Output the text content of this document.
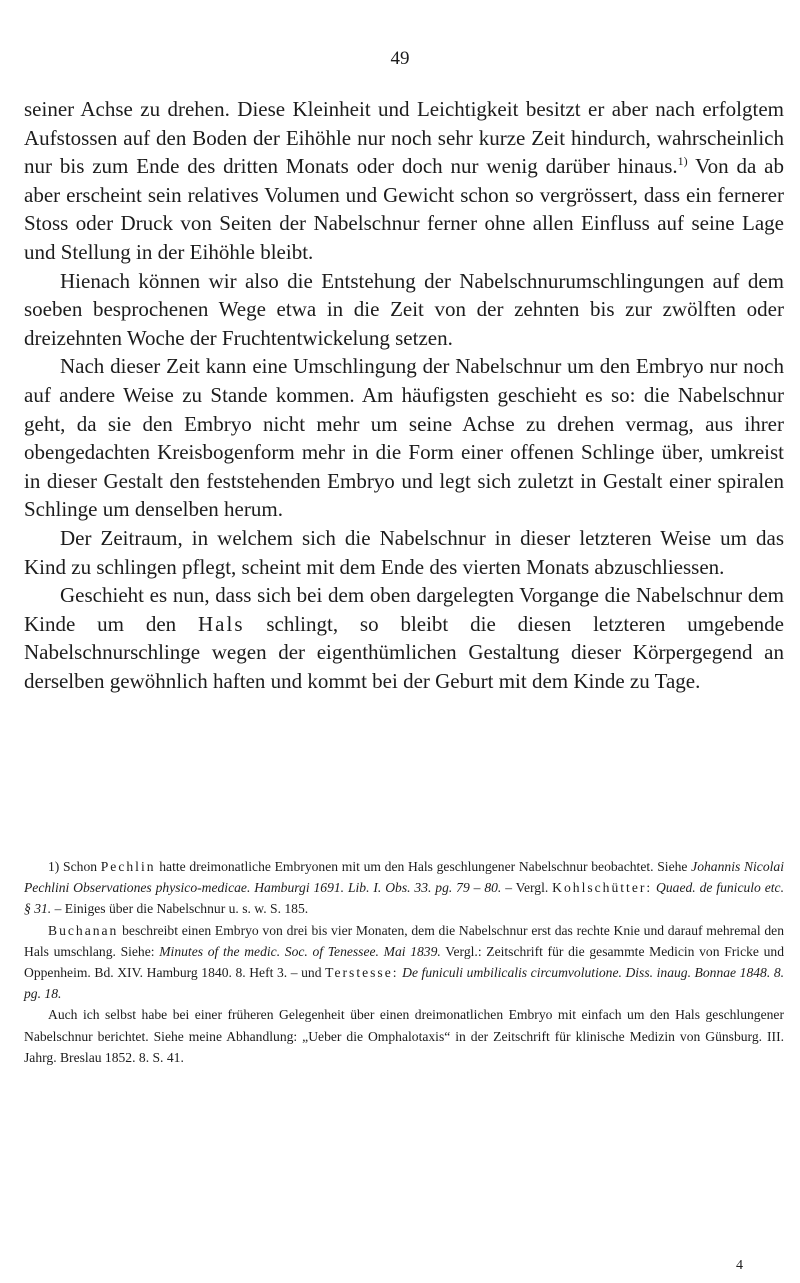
49

seiner Achse zu drehen. Diese Kleinheit und Leichtigkeit besitzt er aber nach erfolgtem Aufstossen auf den Boden der Eihöhle nur noch sehr kurze Zeit hindurch, wahrscheinlich nur bis zum Ende des dritten Monats oder doch nur wenig darüber hinaus.$^{1)}$ Von da ab aber erscheint sein relatives Volumen und Gewicht schon so vergrössert, dass ein fernerer Stoss oder Druck von Seiten der Nabelschnur ferner ohne allen Einfluss auf seine Lage und Stellung in der Eihöhle bleibt.

Hienach können wir also die Entstehung der Nabelschnurumschlingungen auf dem soeben besprochenen Wege etwa in die Zeit von der zehnten bis zur zwölften oder dreizehnten Woche der Fruchtentwickelung setzen.

Nach dieser Zeit kann eine Umschlingung der Nabelschnur um den Embryo nur noch auf andere Weise zu Stande kommen. Am häufigsten geschieht es so: die Nabelschnur geht, da sie den Embryo nicht mehr um seine Achse zu drehen vermag, aus ihrer obengedachten Kreisbogenform mehr in die Form einer offenen Schlinge über, umkreist in dieser Gestalt den feststehenden Embryo und legt sich zuletzt in Gestalt einer spiralen Schlinge um denselben herum.

Der Zeitraum, in welchem sich die Nabelschnur in dieser letzteren Weise um das Kind zu schlingen pflegt, scheint mit dem Ende des vierten Monats abzuschliessen.

Geschieht es nun, dass sich bei dem oben dargelegten Vorgange die Nabelschnur dem Kinde um den Hals schlingt, so bleibt die diesen letzteren umgebende Nabelschnurschlinge wegen der eigenthümlichen Gestaltung dieser Körpergegend an derselben gewöhnlich haften und kommt bei der Geburt mit dem Kinde zu Tage.

1) Schon Pechlin hatte dreimonatliche Embryonen mit um den Hals geschlungener Nabelschnur beobachtet. Siehe Johannis Nicolai Pechlini Observationes physico-medicae. Hamburgi 1691. Lib. I. Obs. 33. pg. 79 – 80. – Vergl. Kohlschütter: Quaed. de funiculo etc. § 31. – Einiges über die Nabelschnur u. s. w. S. 185.

Buchanan beschreibt einen Embryo von drei bis vier Monaten, dem die Nabelschnur erst das rechte Knie und darauf mehremal den Hals umschlang. Siehe: Minutes of the medic. Soc. of Tenessee. Mai 1839. Vergl.: Zeitschrift für die gesammte Medicin von Fricke und Oppenheim. Bd. XIV. Hamburg 1840. 8. Heft 3. – und Terstesse: De funiculi umbilicalis circumvolutione. Diss. inaug. Bonnae 1848. 8. pg. 18.

Auch ich selbst habe bei einer früheren Gelegenheit über einen dreimonatlichen Embryo mit einfach um den Hals geschlungener Nabelschnur berichtet. Siehe meine Abhandlung: „Ueber die Omphalotaxis“ in der Zeitschrift für klinische Medizin von Günsburg. III. Jahrg. Breslau 1852. 8. S. 41.

4
